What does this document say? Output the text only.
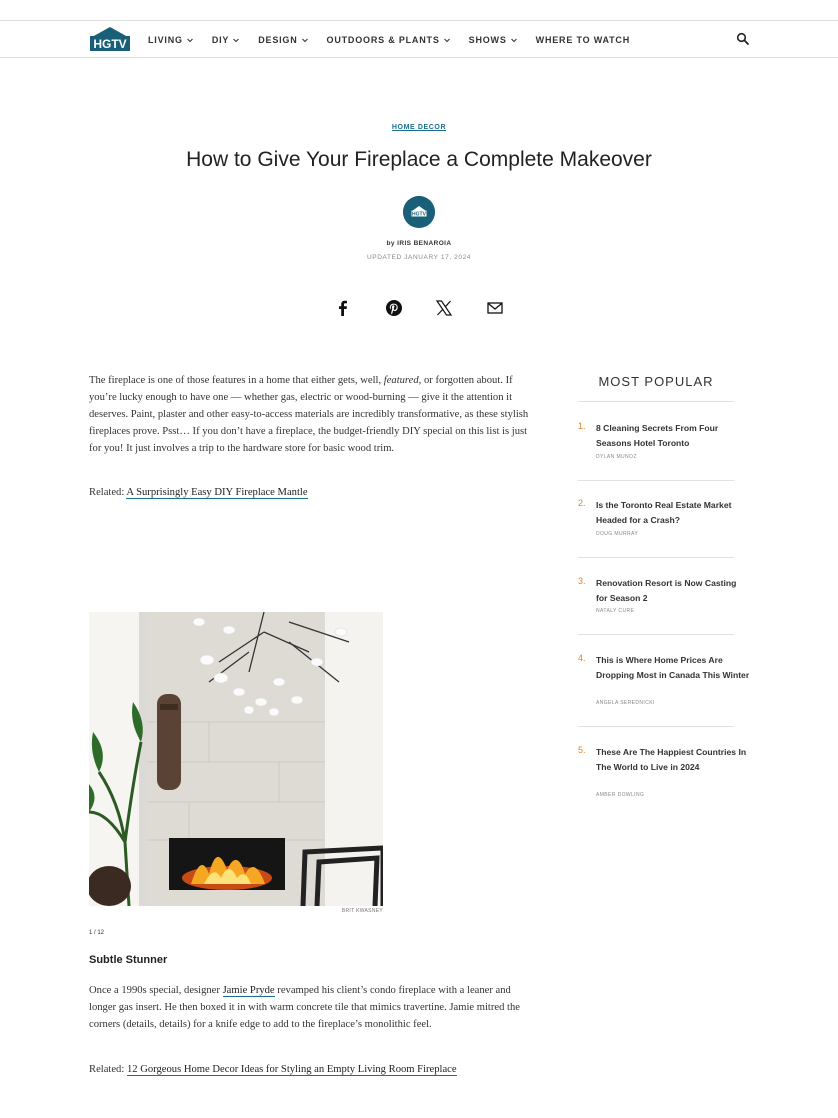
HGTV LIVING	DIY	DESIGN	OUTDOORS & PLANTS	SHOWS	WHERE TO WATCH
HOME DECOR
How to Give Your Fireplace a Complete Makeover
HGTV
by IRIS BENAROIA
UPDATED JANUARY 17, 2024

The fireplace is one of those features in a home that either gets, well, featured, or forgotten about. If you’re lucky enough to have one — whether gas, electric or wood-burning — give it the attention it deserves. Paint, plaster and other easy-to-access materials are incredibly transformative, as these stylish fireplaces prove. Psst… If you don’t have a fireplace, the budget-friendly DIY special on this list is just for you! It just involves a trip to the hardware store for basic wood trim.

Related: A Surprisingly Easy DIY Fireplace Mantle

BRIT KWASNEY
1 / 12
Subtle Stunner

Once a 1990s special, designer Jamie Pryde revamped his client’s condo fireplace with a leaner and longer gas insert. He then boxed it in with warm concrete tile that mimics travertine. Jamie mitred the corners (details, details) for a knife edge to add to the fireplace’s monolithic feel.

Related: 12 Gorgeous Home Decor Ideas for Styling an Empty Living Room Fireplace

MOST POPULAR
1. 8 Cleaning Secrets From Four Seasons Hotel Toronto
DYLAN MUNOZ
2. Is the Toronto Real Estate Market Headed for a Crash?
DOUG MURRAY
3. Renovation Resort is Now Casting for Season 2
NATALY CURE
4. This is Where Home Prices Are Dropping Most in Canada This Winter
ANGELA SEREDNICKI
5. These Are The Happiest Countries In The World to Live in 2024
AMBER DOWLING
